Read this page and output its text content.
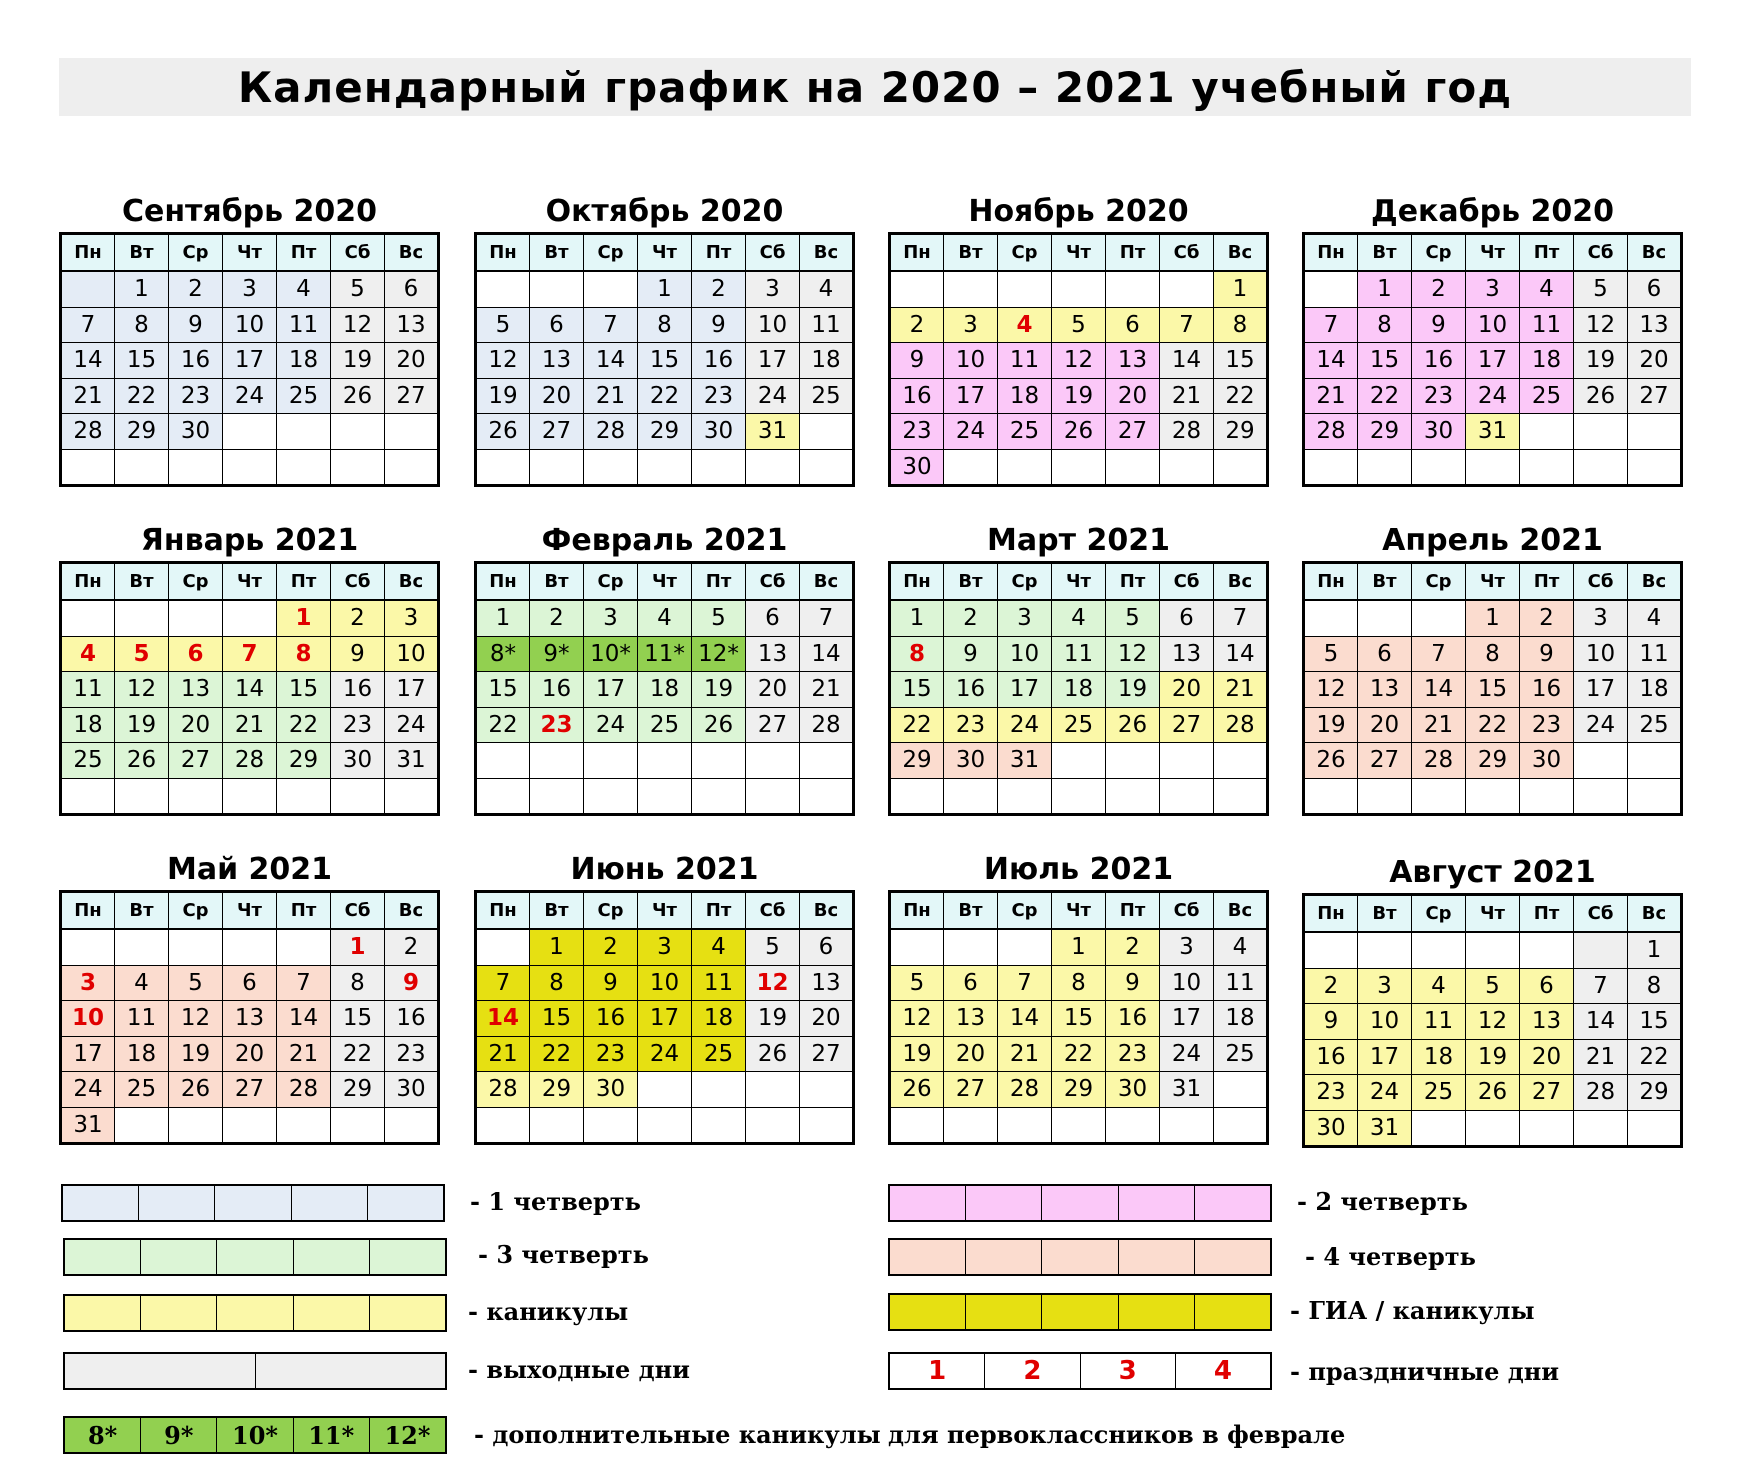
Календарный график на 2020 – 2021 учебный год
Сентябрь 2020
Пн	Вт	Ср	Чт	Пт	Сб	Вс
	1	2	3	4	5	6
7	8	9	10	11	12	13
14	15	16	17	18	19	20
21	22	23	24	25	26	27
28	29	30				

Октябрь 2020
Пн	Вт	Ср	Чт	Пт	Сб	Вс
			1	2	3	4
5	6	7	8	9	10	11
12	13	14	15	16	17	18
19	20	21	22	23	24	25
26	27	28	29	30	31	

Ноябрь 2020
Пн	Вт	Ср	Чт	Пт	Сб	Вс
						1
2	3	4	5	6	7	8
9	10	11	12	13	14	15
16	17	18	19	20	21	22
23	24	25	26	27	28	29
30						
Декабрь 2020
Пн	Вт	Ср	Чт	Пт	Сб	Вс
	1	2	3	4	5	6
7	8	9	10	11	12	13
14	15	16	17	18	19	20
21	22	23	24	25	26	27
28	29	30	31			

Январь 2021
Пн	Вт	Ср	Чт	Пт	Сб	Вс
				1	2	3
4	5	6	7	8	9	10
11	12	13	14	15	16	17
18	19	20	21	22	23	24
25	26	27	28	29	30	31

Февраль 2021
Пн	Вт	Ср	Чт	Пт	Сб	Вс
1	2	3	4	5	6	7
8*	9*	10*	11*	12*	13	14
15	16	17	18	19	20	21
22	23	24	25	26	27	28

Март 2021
Пн	Вт	Ср	Чт	Пт	Сб	Вс
1	2	3	4	5	6	7
8	9	10	11	12	13	14
15	16	17	18	19	20	21
22	23	24	25	26	27	28
29	30	31				

Апрель 2021
Пн	Вт	Ср	Чт	Пт	Сб	Вс
			1	2	3	4
5	6	7	8	9	10	11
12	13	14	15	16	17	18
19	20	21	22	23	24	25
26	27	28	29	30		

Май 2021
Пн	Вт	Ср	Чт	Пт	Сб	Вс
					1	2
3	4	5	6	7	8	9
10	11	12	13	14	15	16
17	18	19	20	21	22	23
24	25	26	27	28	29	30
31						
Июнь 2021
Пн	Вт	Ср	Чт	Пт	Сб	Вс
	1	2	3	4	5	6
7	8	9	10	11	12	13
14	15	16	17	18	19	20
21	22	23	24	25	26	27
28	29	30				

Июль 2021
Пн	Вт	Ср	Чт	Пт	Сб	Вс
			1	2	3	4
5	6	7	8	9	10	11
12	13	14	15	16	17	18
19	20	21	22	23	24	25
26	27	28	29	30	31	

Август 2021
Пн	Вт	Ср	Чт	Пт	Сб	Вс
						1
2	3	4	5	6	7	8
9	10	11	12	13	14	15
16	17	18	19	20	21	22
23	24	25	26	27	28	29
30	31					
- 1 четверть	- 2 четверть
- 3 четверть	- 4 четверть
- каникулы	- ГИА / каникулы
- выходные дни	1	2	3	4	- праздничные дни
8*	9*	10*	11*	12*	- дополнительные каникулы для первоклассников в феврале
